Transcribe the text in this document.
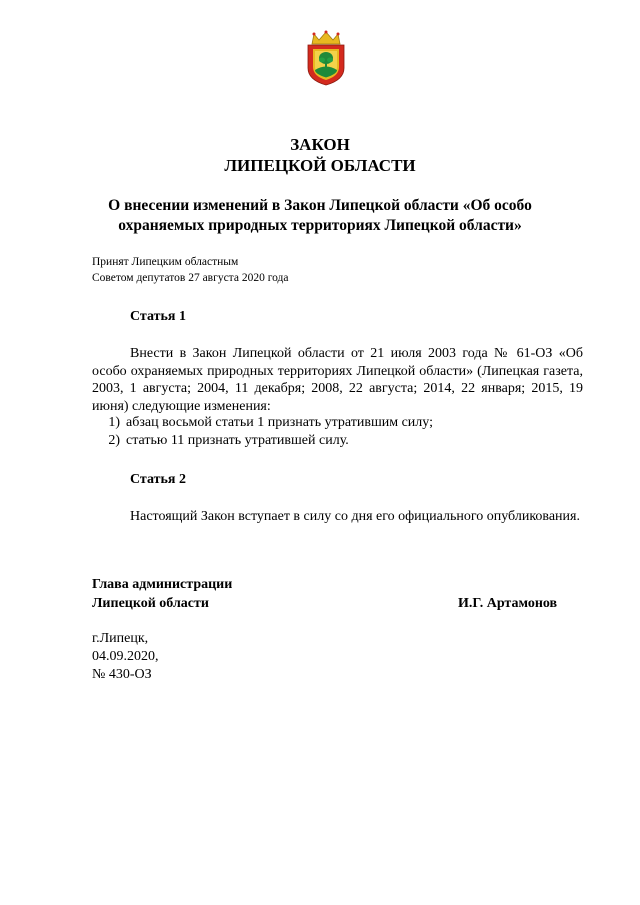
ЗАКОН
ЛИПЕЦКОЙ ОБЛАСТИ
О внесении изменений в Закон Липецкой области «Об особо охраняемых природных территориях Липецкой области»
Принят Липецким областным
Советом депутатов 27 августа 2020 года
Статья 1
Внести в Закон Липецкой области от 21 июля 2003 года № 61-ОЗ «Об особо охраняемых природных территориях Липецкой области» (Липецкая газета, 2003, 1 августа; 2004, 11 декабря; 2008, 22 августа; 2014, 22 января; 2015, 19 июня) следующие изменения:
1) абзац восьмой статьи 1 признать утратившим силу;
2) статью 11 признать утратившей силу.
Статья 2
Настоящий Закон вступает в силу со дня его официального опубликования.
Глава администрации
Липецкой области	И.Г. Артамонов
г.Липецк,
04.09.2020,
№ 430-ОЗ
